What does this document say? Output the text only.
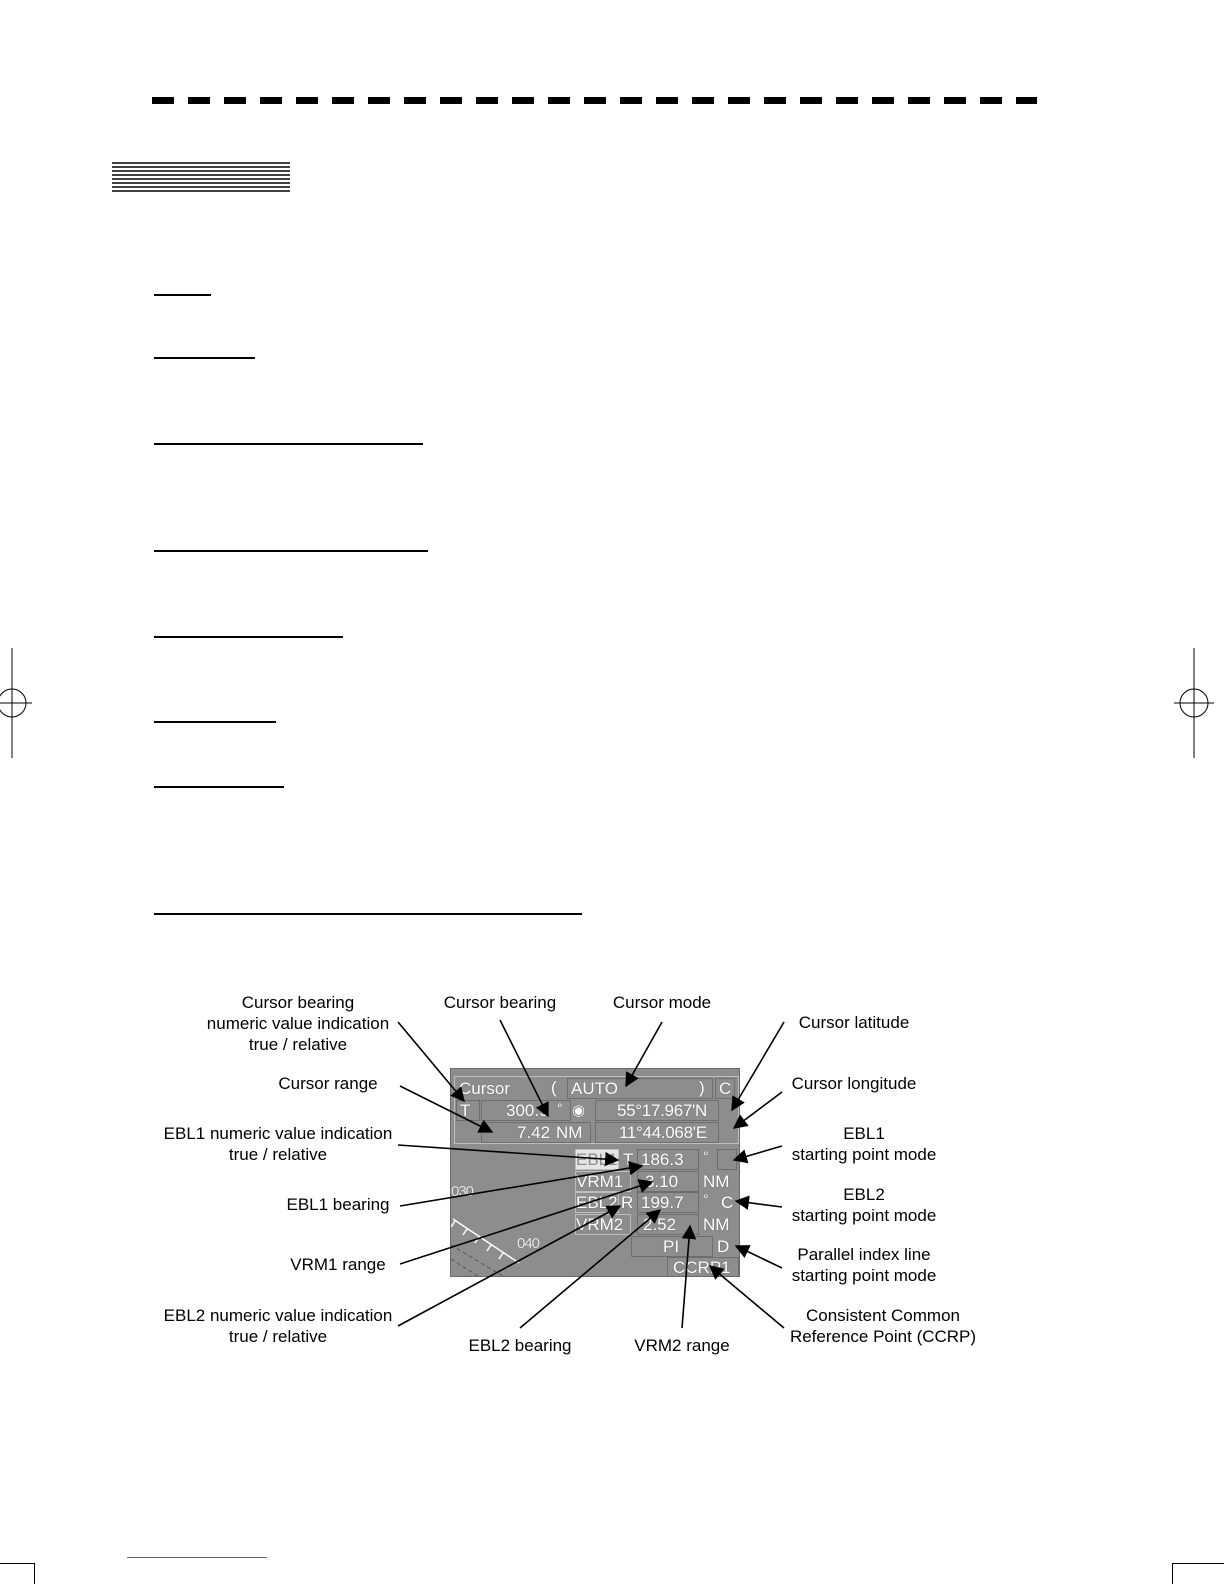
030
040
Cursor ( AUTO	) C
T 300.9 ° ◉ 55°17.967'N
7.42 NM 11°44.068'E
EBL1 T 186.3 °
VRM1 3.10 NM
EBL2 R 199.7 ° C
VRM2 2.52 NM
PI D
CCRP1
Cursor bearing
numeric value indication
true / relative
Cursor bearing	Cursor mode
Cursor latitude
Cursor range	Cursor longitude
EBL1 numeric value indication
true / relative
EBL1
starting point mode
EBL1 bearing
EBL2
starting point mode
VRM1 range
Parallel index line
starting point mode
EBL2 numeric value indication
true / relative
Consistent Common
Reference Point (CCRP)
EBL2 bearing	VRM2 range
